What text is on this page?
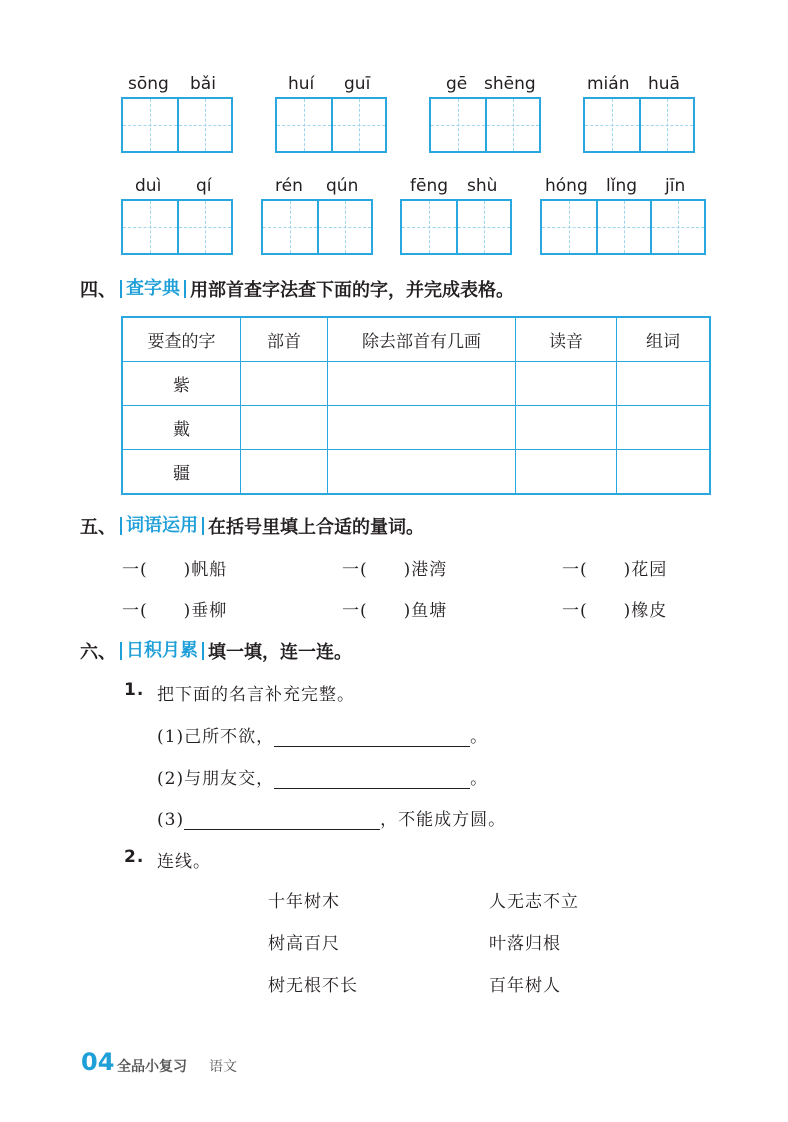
sōng bǎi	huí guī	gē shēng	mián huā
duì qí	rén qún	fēng shù	hóng lǐng jīn
四、 查字典 用部首查字法查下面的字，并完成表格。
要查的字	部首	除去部首有几画	读音	组词
紫				
戴				
疆				
五、 词语运用 在括号里填上合适的量词。
一(　　)帆船	一(　　)港湾	一(　　)花园
一(　　)垂柳	一(　　)鱼塘	一(　　)橡皮
六、 日积月累 填一填，连一连。
1. 把下面的名言补充完整。
(1)己所不欲，	。
(2)与朋友交，	。
(3)	，不能成方圆。
2. 连线。
十年树木
树高百尺
树无根不长
人无志不立
叶落归根
百年树人
04 全品小复习 语文
